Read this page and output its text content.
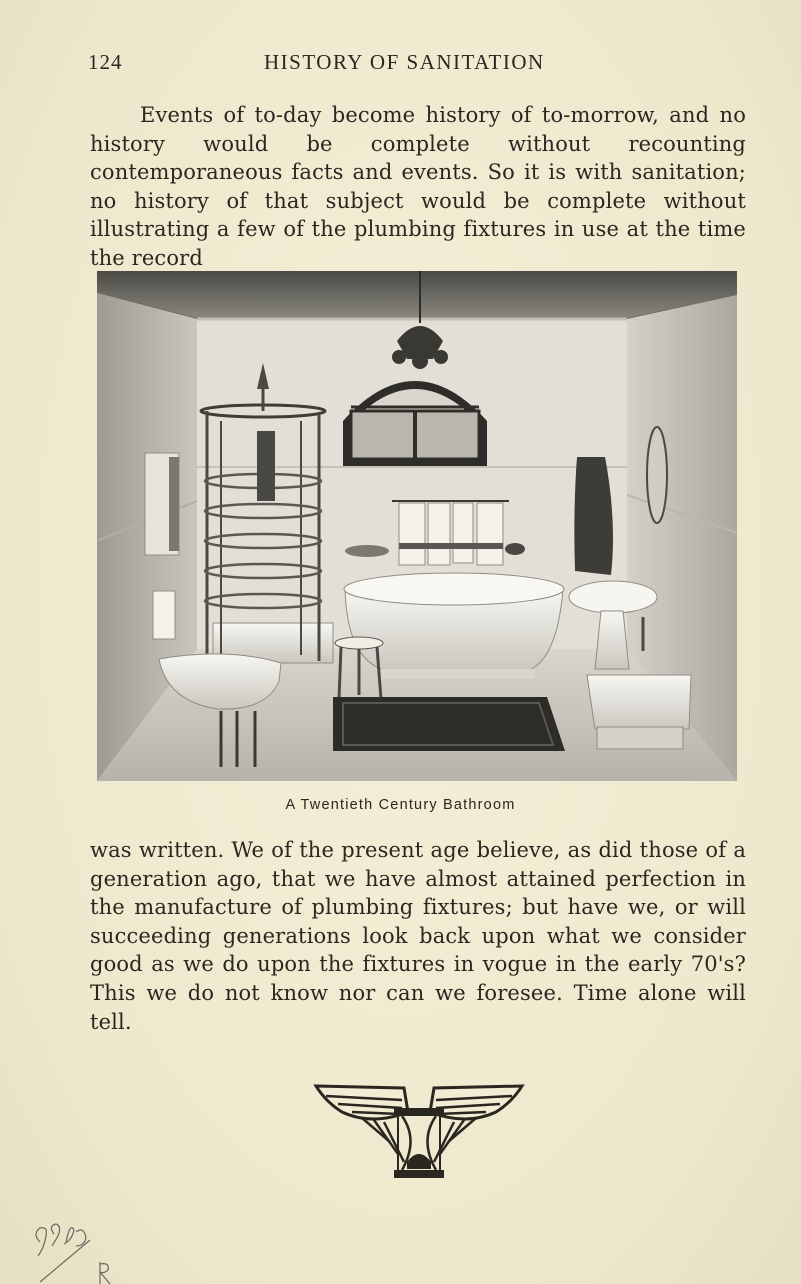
124	HISTORY OF SANITATION

Events of to-day become history of to-morrow, and no history would be complete without recounting contemporaneous facts and events. So it is with sanitation; no history of that subject would be complete without illustrating a few of the plumbing fixtures in use at the time the record

A Twentieth Century Bathroom

was written. We of the present age believe, as did those of a generation ago, that we have almost attained perfection in the manufacture of plumbing fixtures; but have we, or will succeeding generations look back upon what we consider good as we do upon the fixtures in vogue in the early 70's? This we do not know nor can we foresee. Time alone will tell.
